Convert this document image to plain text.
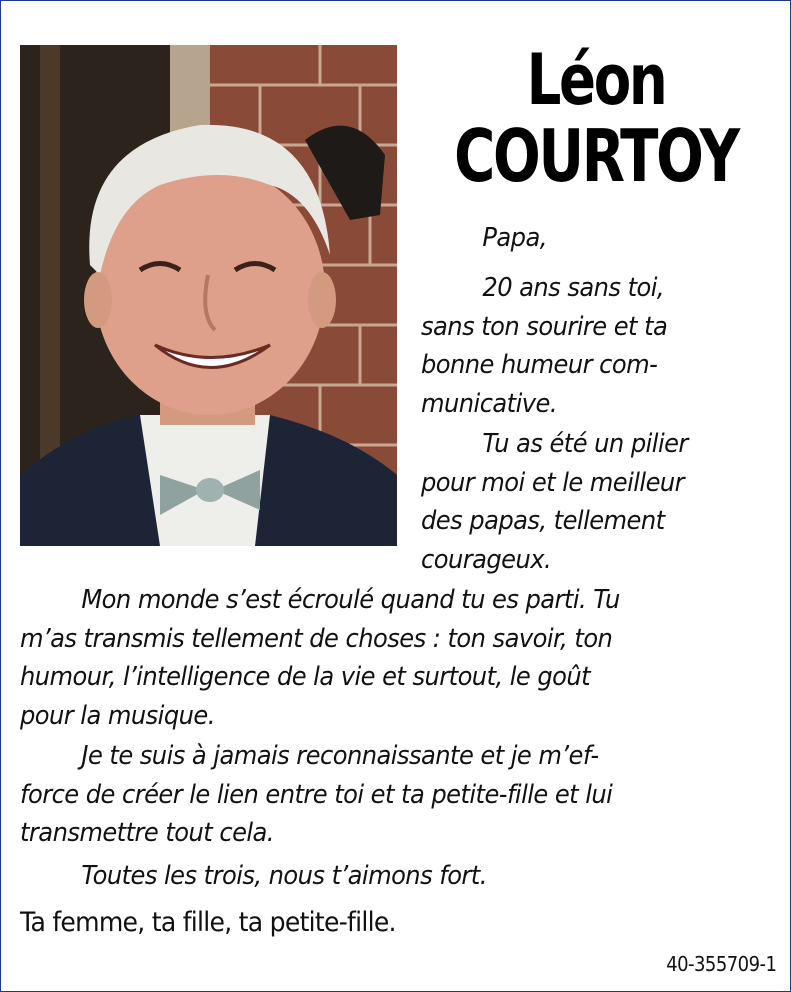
Léon
COURTOY
Papa,
20 ans sans toi,
sans ton sourire et ta
bonne humeur com-
municative.
Tu as été un pilier
pour moi et le meilleur
des papas, tellement
courageux.
Mon monde s’est écroulé quand tu es parti. Tu
m’as transmis tellement de choses : ton savoir, ton
humour, l’intelligence de la vie et surtout, le goût
pour la musique.
Je te suis à jamais reconnaissante et je m’ef-
force de créer le lien entre toi et ta petite-fille et lui
transmettre tout cela.
Toutes les trois, nous t’aimons fort.
Ta femme, ta fille, ta petite-fille.
40-355709-1
